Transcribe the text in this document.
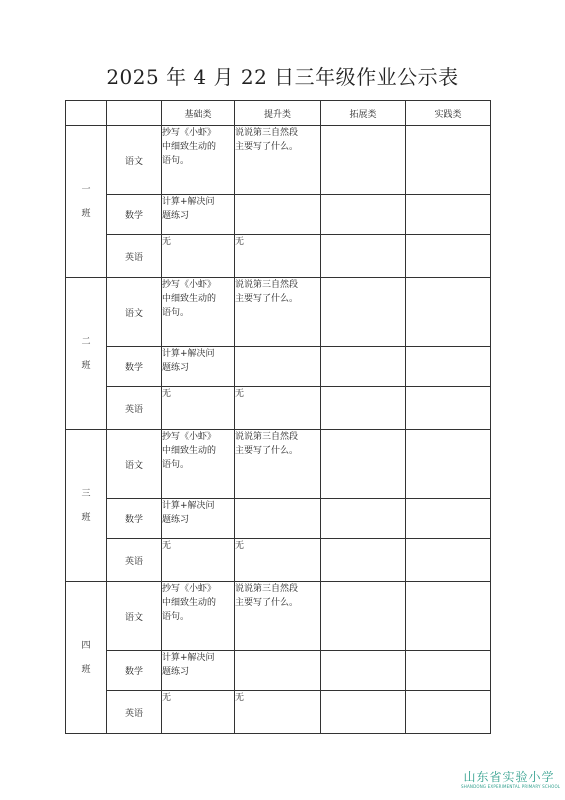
2025 年 4 月 22 日三年级作业公示表
		基础类	提升类	拓展类	实践类
一
班	语文	抄写《小虾》
中细致生动的
语句。	说说第三自然段
主要写了什么。		
	数学	计算+解决问
题练习			
	英语	无	无		
二
班	语文	抄写《小虾》
中细致生动的
语句。	说说第三自然段
主要写了什么。		
	数学	计算+解决问
题练习			
	英语	无	无		
三
班	语文	抄写《小虾》
中细致生动的
语句。	说说第三自然段
主要写了什么。		
	数学	计算+解决问
题练习			
	英语	无	无		
四
班	语文	抄写《小虾》
中细致生动的
语句。	说说第三自然段
主要写了什么。		
	数学	计算+解决问
题练习			
	英语	无	无		
山东省实验小学
SHANDONG EXPERIMENTAL PRIMARY SCHOOL
